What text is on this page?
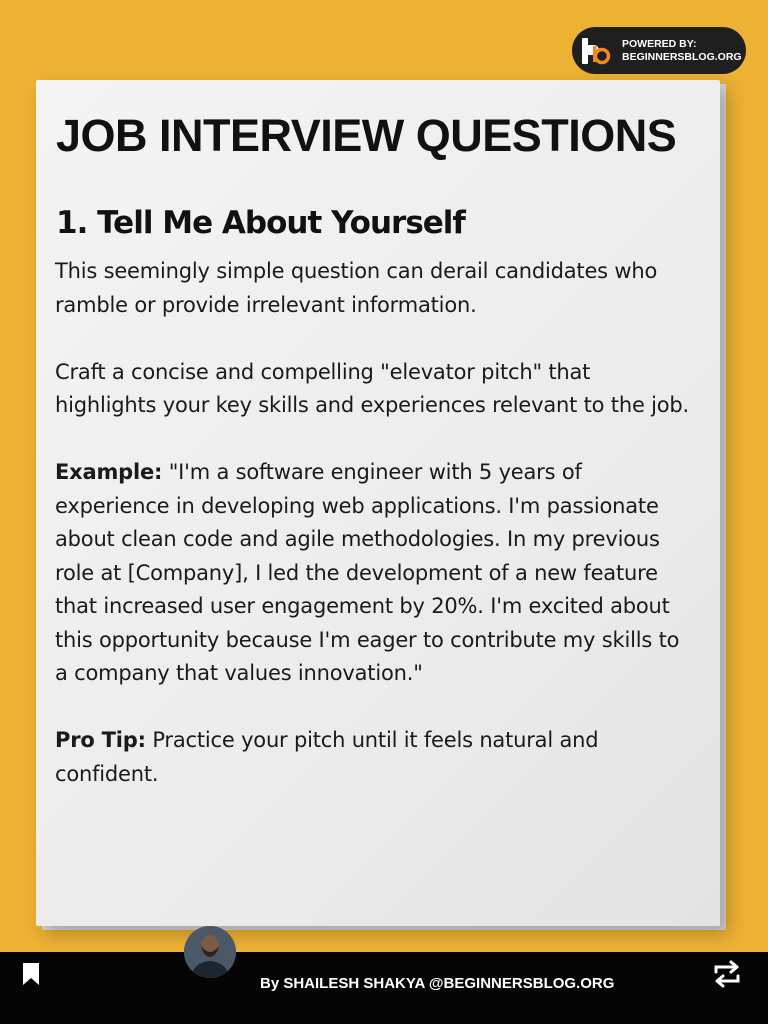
POWERED BY:
BEGINNERSBLOG.ORG
JOB INTERVIEW QUESTIONS
1. Tell Me About Yourself

This seemingly simple question can derail candidates who ramble or provide irrelevant information.

Craft a concise and compelling "elevator pitch" that highlights your key skills and experiences relevant to the job.

Example: "I'm a software engineer with 5 years of experience in developing web applications. I'm passionate about clean code and agile methodologies. In my previous role at [Company], I led the development of a new feature that increased user engagement by 20%. I'm excited about this opportunity because I'm eager to contribute my skills to a company that values innovation."

Pro Tip: Practice your pitch until it feels natural and confident.

By SHAILESH SHAKYA @BEGINNERSBLOG.ORG
